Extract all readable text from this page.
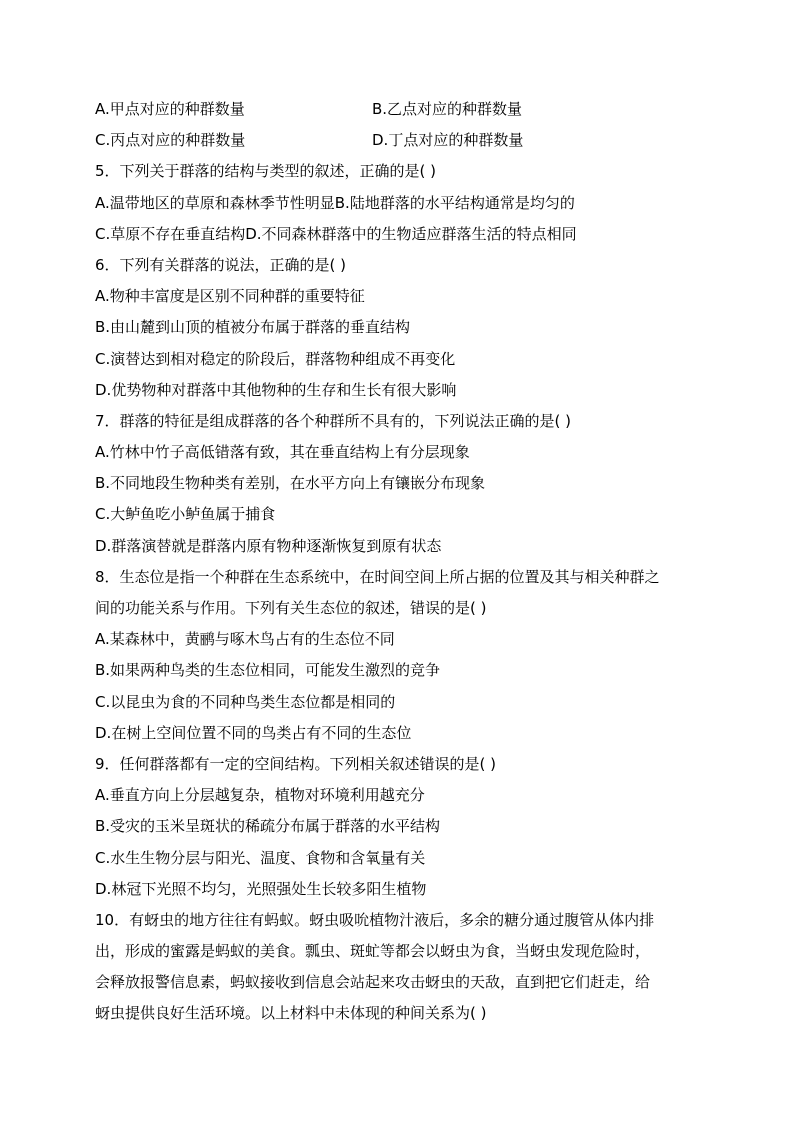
A.甲点对应的种群数量	B.乙点对应的种群数量
C.丙点对应的种群数量	D.丁点对应的种群数量
5．下列关于群落的结构与类型的叙述，正确的是( )
A.温带地区的草原和森林季节性明显B.陆地群落的水平结构通常是均匀的
C.草原不存在垂直结构D.不同森林群落中的生物适应群落生活的特点相同
6．下列有关群落的说法，正确的是( )
A.物种丰富度是区别不同种群的重要特征
B.由山麓到山顶的植被分布属于群落的垂直结构
C.演替达到相对稳定的阶段后，群落物种组成不再变化
D.优势物种对群落中其他物种的生存和生长有很大影响
7．群落的特征是组成群落的各个种群所不具有的，下列说法正确的是( )
A.竹林中竹子高低错落有致，其在垂直结构上有分层现象
B.不同地段生物种类有差别，在水平方向上有镶嵌分布现象
C.大鲈鱼吃小鲈鱼属于捕食
D.群落演替就是群落内原有物种逐渐恢复到原有状态
8．生态位是指一个种群在生态系统中，在时间空间上所占据的位置及其与相关种群之
间的功能关系与作用。下列有关生态位的叙述，错误的是( )
A.某森林中，黄鹂与啄木鸟占有的生态位不同
B.如果两种鸟类的生态位相同，可能发生激烈的竞争
C.以昆虫为食的不同种鸟类生态位都是相同的
D.在树上空间位置不同的鸟类占有不同的生态位
9．任何群落都有一定的空间结构。下列相关叙述错误的是( )
A.垂直方向上分层越复杂，植物对环境利用越充分
B.受灾的玉米呈斑状的稀疏分布属于群落的水平结构
C.水生生物分层与阳光、温度、食物和含氧量有关
D.林冠下光照不均匀，光照强处生长较多阳生植物
10．有蚜虫的地方往往有蚂蚁。蚜虫吸吮植物汁液后，多余的糖分通过腹管从体内排
出，形成的蜜露是蚂蚁的美食。瓢虫、斑虻等都会以蚜虫为食，当蚜虫发现危险时，
会释放报警信息素，蚂蚁接收到信息会站起来攻击蚜虫的天敌，直到把它们赶走，给
蚜虫提供良好生活环境。以上材料中未体现的种间关系为( )
